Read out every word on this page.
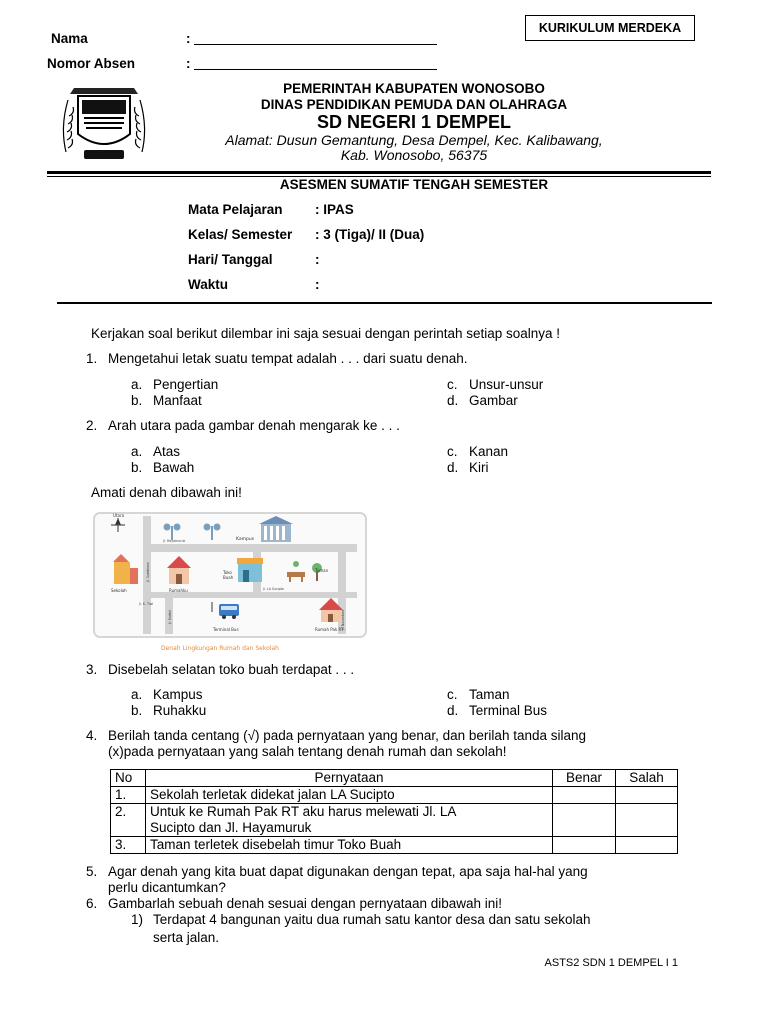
KURIKULUM MERDEKA
Nama	:
Nomor Absen	:
PEMERINTAH KABUPATEN WONOSOBO
DINAS PENDIDIKAN PEMUDA DAN OLAHRAGA
SD NEGERI 1 DEMPEL
Alamat: Dusun Gemantung, Desa Dempel, Kec. Kalibawang,
Kab. Wonosobo, 56375
ASESMEN SUMATIF TENGAH SEMESTER
Mata Pelajaran : IPAS
Kelas/ Semester : 3 (Tiga)/ II (Dua)
Hari/ Tanggal	:
Waktu	:
Kerjakan soal berikut dilembar ini saja sesuai dengan perintah setiap soalnya !
1. Mengetahui letak suatu tempat adalah . . . dari suatu denah.
a. Pengertian	c. Unsur-unsur
b. Manfaat	d. Gambar
2. Arah utara pada gambar denah mengarak ke . . .
a. Atas	c. Kanan
b. Bawah	d. Kiri
Amati denah dibawah ini!
Utara
Kampus
Sekolah	Rumahku
Toko
Buah
Taman
Terminal Bus	Rumah Pak RT
Jl. Hayamuruk
Jl. LA Sucipto
Jl. K. Tiwi
Jl. Sumbawa
Jl. Kartini	Jl. Nusantara
Denah Lingkungan Rumah dan Sekolah
3. Disebelah selatan toko buah terdapat . . .
a. Kampus	c. Taman
b. Ruhakku	d. Terminal Bus
4. Berilah tanda centang (√) pada pernyataan yang benar, dan berilah tanda silang
(x)pada pernyataan yang salah tentang denah rumah dan sekolah!
No	Pernyataan	Benar	Salah
1.	Sekolah terletak didekat jalan LA Sucipto		
2.	Untuk ke Rumah Pak RT aku harus melewati Jl. LA
Sucipto dan Jl. Hayamuruk		

3.	Taman terletek disebelah timur Toko Buah		
5. Agar denah yang kita buat dapat digunakan dengan tepat, apa saja hal-hal yang
perlu dicantumkan?
6. Gambarlah sebuah denah sesuai dengan pernyataan dibawah ini!
1) Terdapat 4 bangunan yaitu dua rumah satu kantor desa dan satu sekolah
serta jalan.
ASTS2 SDN 1 DEMPEL I 1
